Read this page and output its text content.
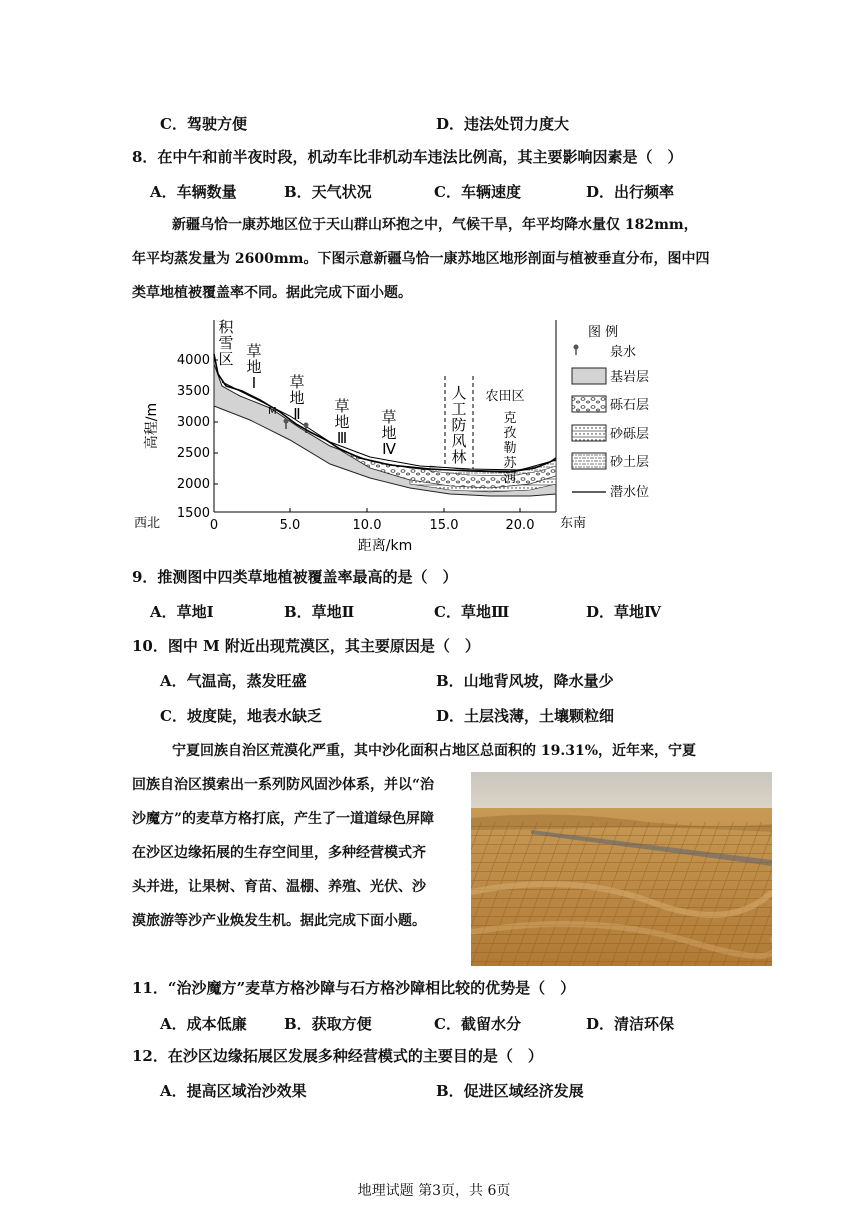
C．驾驶方便	D．违法处罚力度大
8．在中午和前半夜时段，机动车比非机动车违法比例高，其主要影响因素是（　）
A．车辆数量	B．天气状况	C．车辆速度	D．出行频率
新疆乌恰一康苏地区位于天山群山环抱之中，气候干旱，年平均降水量仅 182mm，
年平均蒸发量为 2600mm。下图示意新疆乌恰一康苏地区地形剖面与植被垂直分布，图中四
类草地植被覆盖率不同。据此完成下面小题。
4000
3500
3000
2500
2000
1500
高程/m
0	5.0	10.0	15.0	20.0
距离/km
西北	东南
积
雪
区 草
地
Ⅰ 草
地
Ⅱ 草
地
Ⅲ
草
地
Ⅳ
人
工
防
风
林
农田区
克
孜
勒
苏
河
M
图 例
泉水
基岩层
砾石层
砂砾层
砂土层
潜水位
9．推测图中四类草地植被覆盖率最高的是（　）
A．草地Ⅰ	B．草地Ⅱ	C．草地Ⅲ	D．草地Ⅳ
10．图中 M 附近出现荒漠区，其主要原因是（　）
A．气温高，蒸发旺盛	B．山地背风坡，降水量少
C．坡度陡，地表水缺乏	D．土层浅薄，土壤颗粒细
宁夏回族自治区荒漠化严重，其中沙化面积占地区总面积的 19.31%，近年来，宁夏
回族自治区摸索出一系列防风固沙体系，并以“治
沙魔方”的麦草方格打底，产生了一道道绿色屏障
在沙区边缘拓展的生存空间里，多种经营模式齐
头并进，让果树、育苗、温棚、养殖、光伏、沙
漠旅游等沙产业焕发生机。据此完成下面小题。
11．“治沙魔方”麦草方格沙障与石方格沙障相比较的优势是（　）
A．成本低廉 B．获取方便	C．截留水分	D．清洁环保
12．在沙区边缘拓展区发展多种经营模式的主要目的是（　）
A．提高区域治沙效果	B．促进区域经济发展
地理试题 第3页，共 6页
